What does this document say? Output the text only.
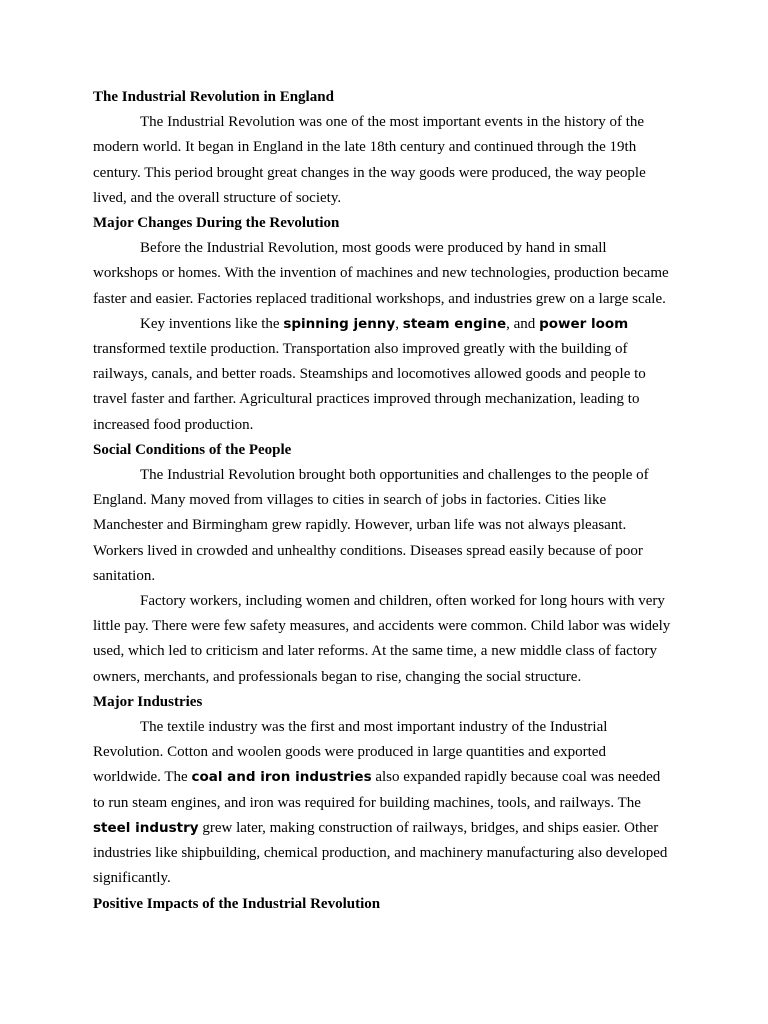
The Industrial Revolution in England

The Industrial Revolution was one of the most important events in the history of the modern world. It began in England in the late 18th century and continued through the 19th century. This period brought great changes in the way goods were produced, the way people lived, and the overall structure of society.

Major Changes During the Revolution

Before the Industrial Revolution, most goods were produced by hand in small workshops or homes. With the invention of machines and new technologies, production became faster and easier. Factories replaced traditional workshops, and industries grew on a large scale.

Key inventions like the spinning jenny, steam engine, and power loom transformed textile production. Transportation also improved greatly with the building of railways, canals, and better roads. Steamships and locomotives allowed goods and people to travel faster and farther. Agricultural practices improved through mechanization, leading to increased food production.

Social Conditions of the People

The Industrial Revolution brought both opportunities and challenges to the people of England. Many moved from villages to cities in search of jobs in factories. Cities like Manchester and Birmingham grew rapidly. However, urban life was not always pleasant. Workers lived in crowded and unhealthy conditions. Diseases spread easily because of poor sanitation.

Factory workers, including women and children, often worked for long hours with very little pay. There were few safety measures, and accidents were common. Child labor was widely used, which led to criticism and later reforms. At the same time, a new middle class of factory owners, merchants, and professionals began to rise, changing the social structure.

Major Industries

The textile industry was the first and most important industry of the Industrial Revolution. Cotton and woolen goods were produced in large quantities and exported worldwide. The coal and iron industries also expanded rapidly because coal was needed to run steam engines, and iron was required for building machines, tools, and railways. The steel industry grew later, making construction of railways, bridges, and ships easier. Other industries like shipbuilding, chemical production, and machinery manufacturing also developed significantly.

Positive Impacts of the Industrial Revolution
